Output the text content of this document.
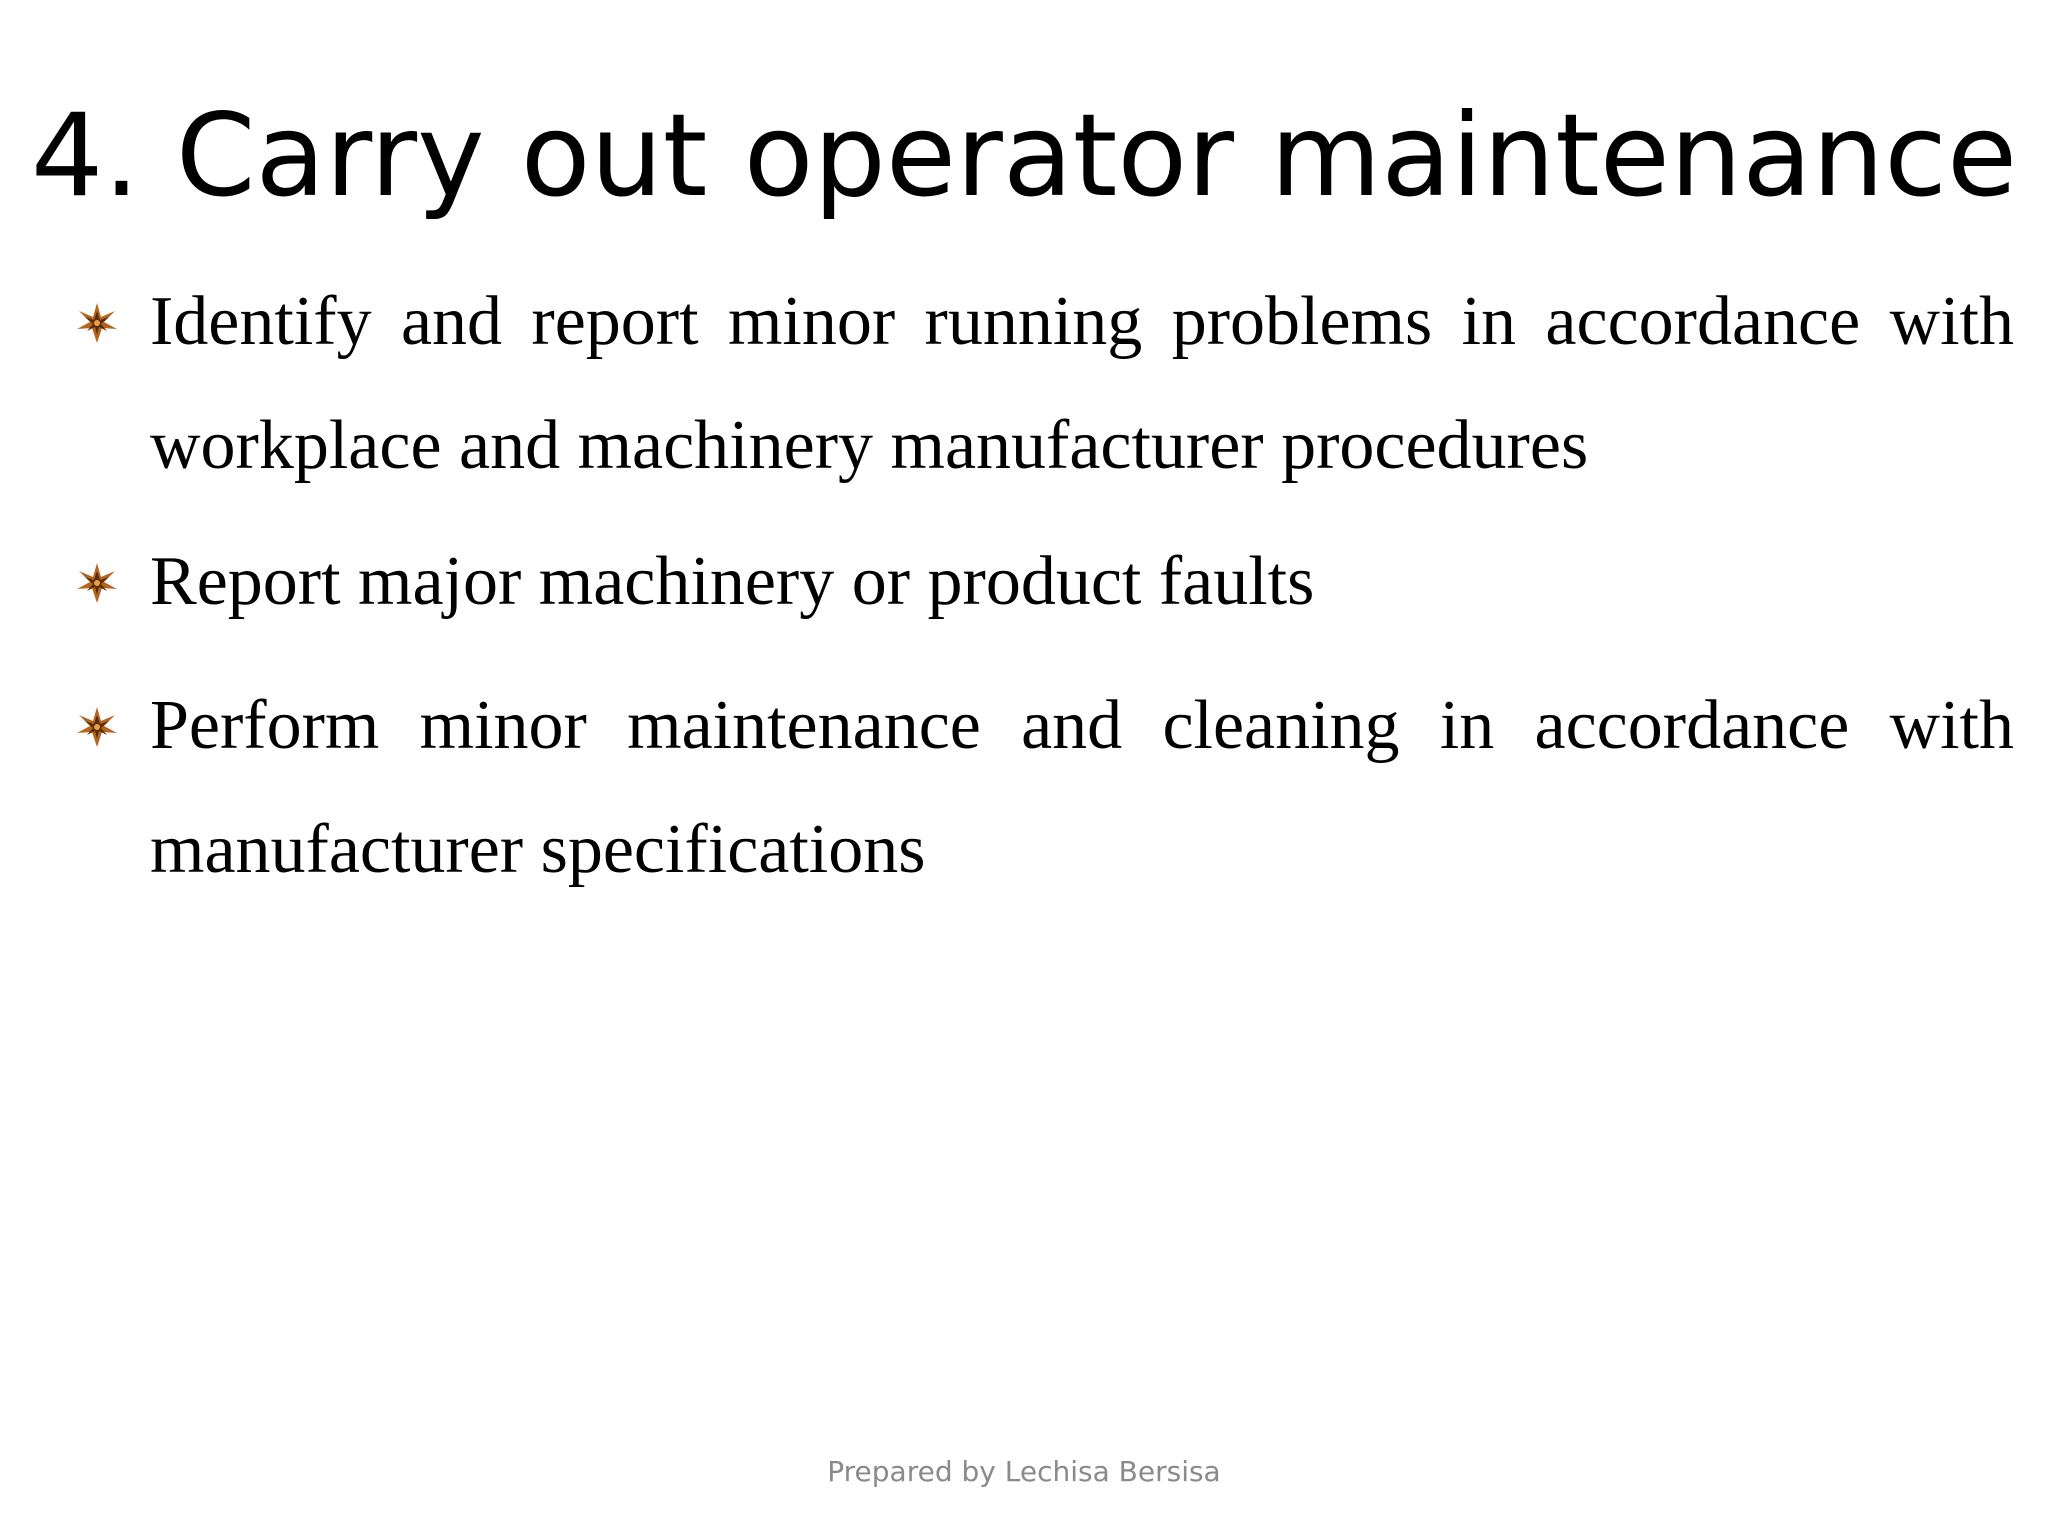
4. Carry out operator maintenance

Identify and report minor running problems in accordance with workplace and machinery manufacturer procedures

Report major machinery or product faults

Perform minor maintenance and cleaning in accordance with manufacturer specifications

Prepared by Lechisa Bersisa
